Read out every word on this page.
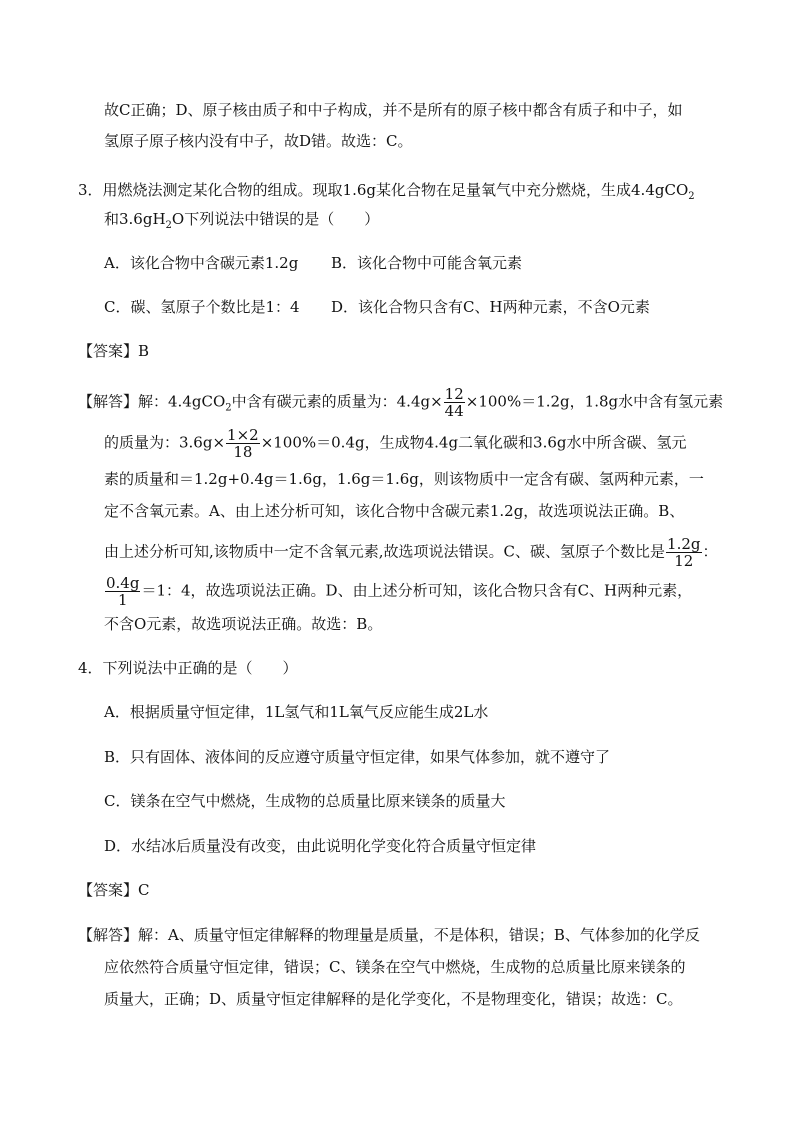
故C正确；D、原子核由质子和中子构成，并不是所有的原子核中都含有质子和中子，如
氢原子原子核内没有中子，故D错。故选：C。
3．用燃烧法测定某化合物的组成。现取1.6g某化合物在足量氧气中充分燃烧，生成4.4gCO$_2$
和$3.6gH_2O$下列说法中错误的是（　　）
A．该化合物中含碳元素1.2g B．该化合物中可能含氧元素
C．碳、氢原子个数比是1：4 D．该化合物只含有C、H两种元素，不含O元素
【答案】B
【解答】解：4.4gCO$_2$中含有碳元素的质量为：$4.4g\times \frac{12}{44} \times 100\%=1.2g$，1.8g水中含有氢元素
的质量为：$3.6g\times \frac{1\times 2}{18} \times 100\%=0.4g$，生成物4.4g二氧化碳和3.6g水中所含碳、氢元
素的质量和＝1.2g+0.4g＝1.6g，1.6g＝1.6g，则该物质中一定含有碳、氢两种元素，一
定不含氧元素。A、由上述分析可知，该化合物中含碳元素1.2g，故选项说法正确。B、
由上述分析可知,该物质中一定不含氧元素,故选项说法错误。C、碳、氢原子个数比是 $\frac{1.2g}{12}$ ：
$\frac{0.4g}{1} =1$：4，故选项说法正确。D、由上述分析可知，该化合物只含有C、H两种元素，
不含O元素，故选项说法正确。故选：B。
4．下列说法中正确的是（　　）
A．根据质量守恒定律，1L氢气和1L氧气反应能生成2L水
B．只有固体、液体间的反应遵守质量守恒定律，如果气体参加，就不遵守了
C．镁条在空气中燃烧，生成物的总质量比原来镁条的质量大
D．水结冰后质量没有改变，由此说明化学变化符合质量守恒定律
【答案】C
【解答】解：A、质量守恒定律解释的物理量是质量，不是体积，错误；B、气体参加的化学反
应依然符合质量守恒定律，错误；C、镁条在空气中燃烧，生成物的总质量比原来镁条的
质量大，正确；D、质量守恒定律解释的是化学变化，不是物理变化，错误；故选：C。
